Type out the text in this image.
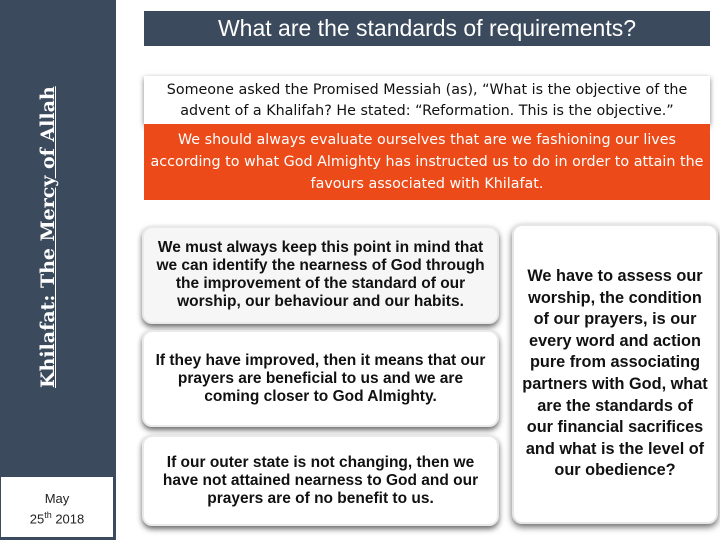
Khilafat: The Mercy of Allah
May
25th 2018
What are the standards of requirements?
Someone asked the Promised Messiah (as), “What is the objective of the
advent of a Khalifah? He stated: “Reformation. This is the objective.”
We should always evaluate ourselves that are we fashioning our lives according to what God Almighty has instructed us to do in order to attain the favours associated with Khilafat.
We must always keep this point in mind that we can identify the nearness of God through the improvement of the standard of our worship, our behaviour and our habits.
If they have improved, then it means that our prayers are beneficial to us and we are coming closer to God Almighty.
If our outer state is not changing, then we have not attained nearness to God and our prayers are of no benefit to us.
We have to assess our worship, the condition of our prayers, is our every word and action pure from associating partners with God, what are the standards of our financial sacrifices and what is the level of our obedience?
